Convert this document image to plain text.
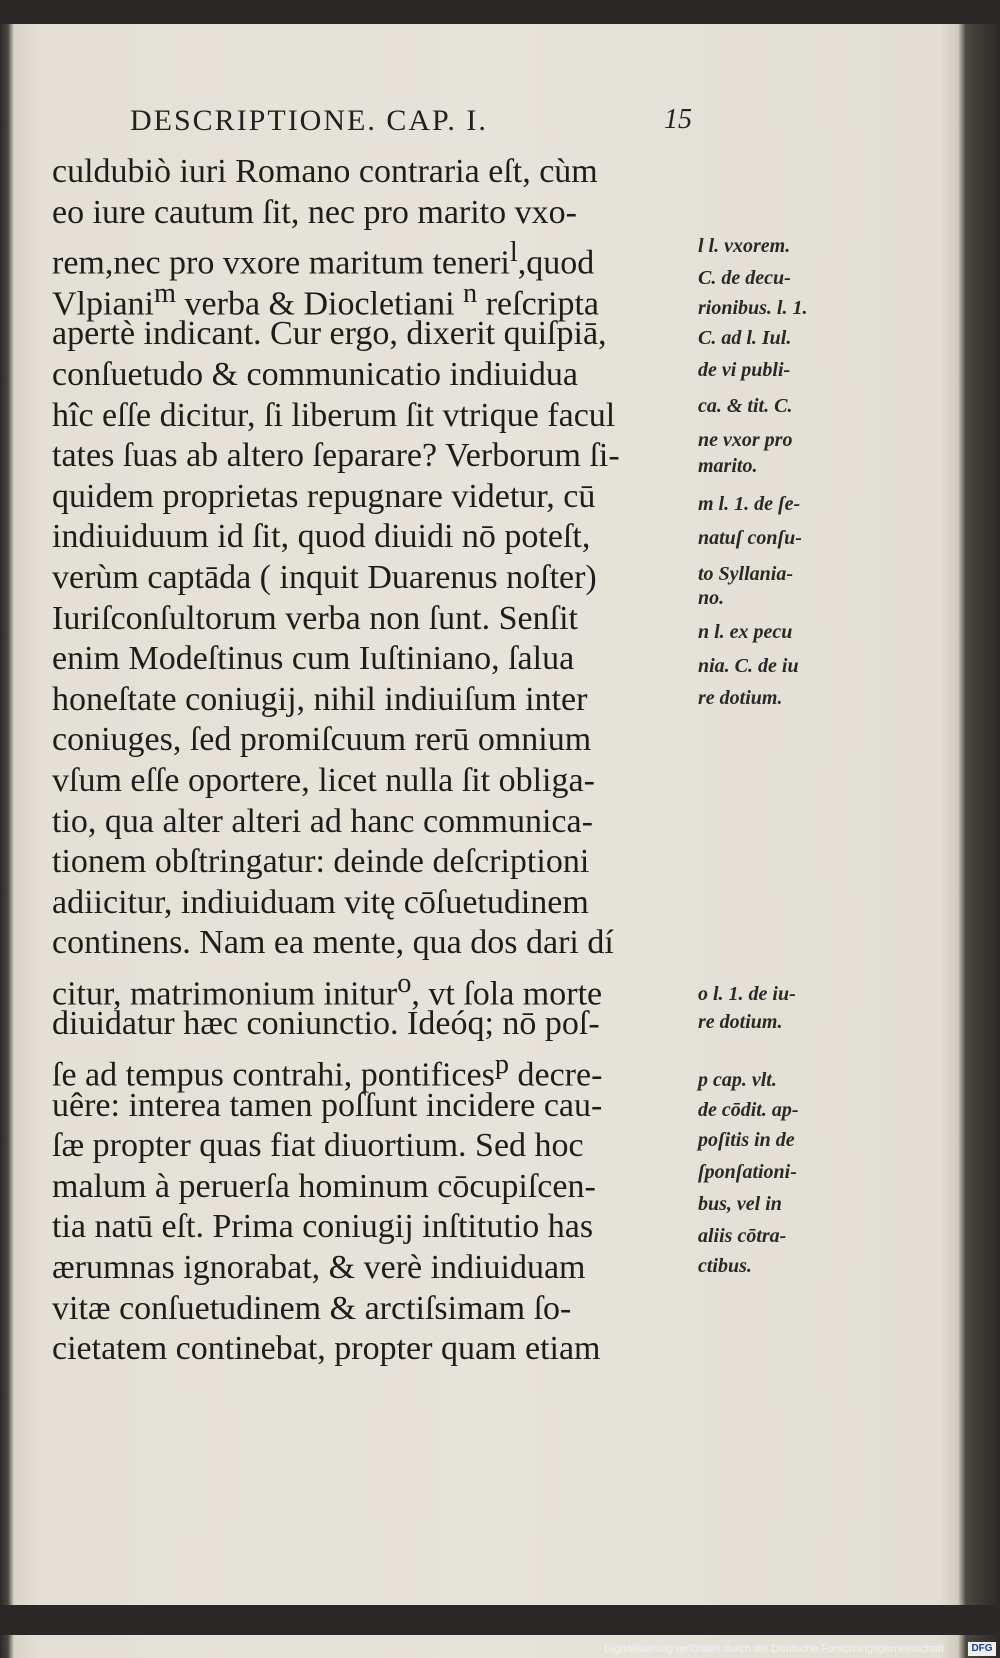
DESCRIPTIONE. CAP. I.	15
culdubiò iuri Romano contraria eſt, cùm
eo iure cautum ſit, nec pro marito vxo-
rem,nec pro vxore maritum teneri$^l$,quod
Vlpiani$^m$ verba & Diocletiani $^n$ reſcripta
apertè indicant. Cur ergo, dixerit quiſpiā,
conſuetudo & communicatio indiuidua
hîc eſſe dicitur, ſi liberum ſit vtrique facul
tates ſuas ab altero ſeparare? Verborum ſi-
quidem proprietas repugnare videtur, cū
indiuiduum id ſit, quod diuidi nō poteſt,
verùm captāda ( inquit Duarenus noſter)
Iuriſconſultorum verba non ſunt. Senſit
enim Modeſtinus cum Iuſtiniano, ſalua
honeſtate coniugij, nihil indiuiſum inter
coniuges, ſed promiſcuum rerū omnium
vſum eſſe oportere, licet nulla ſit obliga-
tio, qua alter alteri ad hanc communica-
tionem obſtringatur: deinde deſcriptioni
adiicitur, indiuiduam vitę cōſuetudinem
continens. Nam ea mente, qua dos dari dí
citur, matrimonium initur$^o$, vt ſola morte
diuidatur hæc coniunctio. Ideóq; nō poſ-
ſe ad tempus contrahi, pontifices$^p$ decre-
uêre: interea tamen poſſunt incidere cau-
ſæ propter quas fiat diuortium. Sed hoc
malum à peruerſa hominum cōcupiſcen-
tia natū eſt. Prima coniugij inſtitutio has
ærumnas ignorabat, & verè indiuiduam
vitæ conſuetudinem & arctiſsimam ſo-
cietatem continebat, propter quam etiam
l l. vxorem.
C. de decu-
rionibus. l. 1.
C. ad l. Iul.
de vi publi-
ca. & tit. C.
ne vxor pro
marito.
m l. 1. de ſe-
natuſ conſu-
to Syllania-
no.
n l. ex pecu
nia. C. de iu
re dotium.
o l. 1. de iu-
re dotium.
p cap. vlt.
de cōdit. ap-
poſitis in de
ſponſationi-
bus, vel in
aliis cōtra-
ctibus.
Digitalisierung gefördert durch die Deutsche Forschungsgemeinschaft	DFG
